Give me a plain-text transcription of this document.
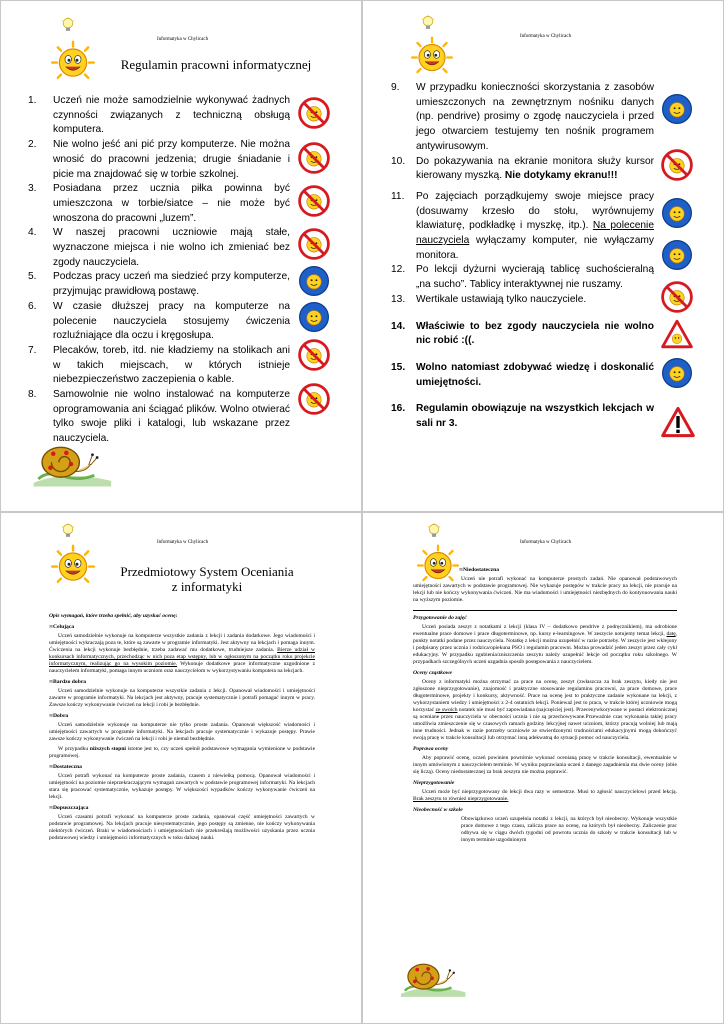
Informatyka w Chylicach
Regulamin pracowni informatycznej
1. Uczeń nie może samodzielnie wykonywać żadnych czynności związanych z techniczną obsługą komputera.
2. Nie wolno jeść ani pić przy komputerze. Nie można wnosić do pracowni jedzenia; drugie śniadanie i picie ma znajdować się w torbie szkolnej.
3. Posiadana przez ucznia piłka powinna być umieszczona w torbie/siatce – nie może być wnoszona do pracowni „luzem”.
4. W naszej pracowni uczniowie mają stałe, wyznaczone miejsca i nie wolno ich zmieniać bez zgody nauczyciela.
5. Podczas pracy uczeń ma siedzieć przy komputerze, przyjmując prawidłową postawę.
6. W czasie dłuższej pracy na komputerze na polecenie nauczyciela stosujemy ćwiczenia rozluźniające dla oczu i kręgosłupa.
7. Plecaków, toreb, itd. nie kładziemy na stolikach ani w takich miejscach, w których istnieje niebezpieczeństwo zaczepienia o kable.
8. Samowolnie nie wolno instalować na komputerze oprogramowania ani ściągać plików. Wolno otwierać tylko swoje pliki i katalogi, lub wskazane przez nauczyciela.
Informatyka w Chylicach
9. W przypadku konieczności skorzystania z zasobów umieszczonych na zewnętrznym nośniku danych (np. pendrive) prosimy o zgodę nauczyciela i przed jego otwarciem testujemy ten nośnik programem antywirusowym.
10. Do pokazywania na ekranie monitora służy kursor kierowany myszką. Nie dotykamy ekranu!!!
11. Po zajęciach porządkujemy swoje miejsce pracy (dosuwamy krzesło do stołu, wyrównujemy klawiaturę, podkładkę i myszkę, itp.). Na polecenie nauczyciela wyłączamy komputer, nie wyłączamy monitora.
12. Po lekcji dyżurni wycierają tablicę suchościeralną „na sucho”. Tablicy interaktywnej nie ruszamy.
13. Wertikale ustawiają tylko nauczyciele.
14. Właściwie to bez zgody nauczyciela nie wolno nic robić :((.
15. Wolno natomiast zdobywać wiedzę i doskonalić umiejętności.
16. Regulamin obowiązuje na wszystkich lekcjach w sali nr 3.
Informatyka w Chylicach
Przedmiotowy System Oceniania
z informatyki
Opis wymagań, które trzeba spełnić, aby uzyskać ocenę:
∞Celująca

Uczeń samodzielnie wykonuje na komputerze wszystkie zadania z lekcji i zadania dodatkowe. Jego wiadomości i umiejętności wykraczają poza te, które są zawarte w programie informatyki. Jest aktywny na lekcjach i pomaga innym. Ćwiczenia na lekcji wykonuje bezbłędnie, trzeba zadawać mu dodatkowe, trudniejsze zadania. Bierze udział w konkursach informatycznych, przechodząc w nich poza etap wstępny, lub w ogłoszonym na początku roku projekcie informatycznym, realizując go na wysokim poziomie. Wykonuje dodatkowe prace informatyczne uzgodnione z nauczycielem informatyki, pomaga innym uczniom oraz nauczycielom w wykorzystywaniu komputera na lekcjach.

∞Bardzo dobra

Uczeń samodzielnie wykonuje na komputerze wszystkie zadania z lekcji. Opanował wiadomości i umiejętności zawarte w programie informatyki. Na lekcjach jest aktywny, pracuje systematycznie i potrafi pomagać innym w pracy. Zawsze kończy wykonywanie ćwiczeń na lekcji i robi je bezbłędnie.

∞Dobra

Uczeń samodzielnie wykonuje na komputerze nie tylko proste zadania. Opanował większość wiadomości i umiejętności zawartych w programie informatyki. Na lekcjach pracuje systematycznie i wykazuje postępy. Prawie zawsze kończy wykonywanie ćwiczeń na lekcji i robi je niemal bezbłędnie.

W przypadku niższych stopni istotne jest to, czy uczeń spełnił podstawowe wymagania wymienione w podstawie programowej.

∞Dostateczna

Uczeń potrafi wykonać na komputerze proste zadania, czasem z niewielką pomocą. Opanował wiadomości i umiejętności na poziomie nieprzekraczającym wymagań zawartych w podstawie programowej informatyki. Na lekcjach stara się pracować systematycznie, wykazuje postępy. W większości wypadków kończy wykonywanie ćwiczeń na lekcji.

∞Dopuszczająca

Uczeń czasami potrafi wykonać na komputerze proste zadania, opanował część umiejętności zawartych w podstawie programowej. Na lekcjach pracuje niesystematycznie, jego postępy są zmienne, nie kończy wykonywania niektórych ćwiczeń. Braki w wiadomościach i umiejętnościach nie przekreślają możliwości uzyskania przez ucznia podstawowej wiedzy i umiejętności informatycznych w toku dalszej nauki.

Informatyka w Chylicach
∞Niedostateczna

Uczeń nie potrafi wykonać na komputerze prostych zadań. Nie opanował podstawowych umiejętności zawartych w podstawie programowej. Nie wykazuje postępów w trakcie pracy na lekcji, nie pracuje na lekcji lub nie kończy wykonywania ćwiczeń. Nie ma wiadomości i umiejętności niezbędnych do kontynuowania nauki na wyższym poziomie.

Przygotowanie do zajęć

Uczeń posiada zeszyt z notatkami z lekcji (klasa IV – dodatkowo pendrive z podręcznikiem), ma odrobione ewentualne prace domowe i prace długoterminowe, np. kursy e-learningowe. W zeszycie notujemy temat lekcji, datę, punkty notatki podane przez nauczyciela. Notatkę z lekcji można uzupełnić w razie potrzeby. W zeszycie jest wklejony i podpisany przez ucznia i rodzica/opiekuna PSO i regulamin pracowni. Można prowadzić jeden zeszyt przez cały cykl edukacyjny. W przypadku zgubienia/zniszczenia zeszytu należy uzupełnić lekcje od początku roku szkolnego. W przypadkach szczególnych uczeń uzgadnia sposób postępowania z nauczycielem.

Oceny cząstkowe

Oceny z informatyki można otrzymać za prace na ocenę, zeszyt (zwłaszcza za brak zeszytu, kiedy nie jest zgłoszone nieprzygotowanie), znajomość i praktyczne stosowanie regulaminu pracowni, za prace domowe, prace długoterminowe, projekty i konkursy, aktywność. Prace na ocenę jest to praktyczne zadanie wykonane na lekcji, z wykorzystaniem wiedzy i umiejętności z 2-4 ostatnich lekcji. Ponieważ jest to praca, w trakcie której uczniowie mogą korzystać ze swoich notatek nie musi być zapowiadana (najczęściej jest). Przecenywkorywane w postaci elektronicznej są oceniane przez nauczyciela w obecności ucznia i nie są przechowywane.Przewaźnie czas wykonania takiej pracy umożliwia zmieszczenie się w czasowych ramach godziny lekcyjnej nawet uczniom, którzy pracują wolniej lub mają inne trudności. Jednak w razie potrzeby uczniowie ze stwierdzonymi trudnościami edukacyjnymi mogą dokończyć swoją pracę w trakcie konsultacji lub otrzymać inną adekwatną do sytuacji pomoc od nauczyciela.

Poprawa oceny

Aby poprawić ocenę, uczeń powinien powtórnie wykonać ocenianą pracę w trakcie konsultacji, ewentualnie w innym umówionym z nauczycielem terminie. W wyniku poprawiania uczeń z danego zagadnienia ma dwie oceny (obie się liczą). Oceny niedostatecznej za brak zeszytu nie można poprawić.

Nieprzygotowanie

Uczeń może być nieprzygotowany do lekcji dwa razy w semestrze. Musi to zgłosić nauczycielowi przed lekcją. Brak zeszytu to również nieprzygotowanie.

Nieobecność w szkole

Obowiązkowo uczeń uzupełnia notatki z lekcji, na których był nieobecny. Wykonuje wszystkie prace domowe z tego czasu, zalicza prace na ocenę, na których był nieobecny. Zaliczenie prac odbywa się w ciągu dwóch tygodni od powrotu ucznia do szkoły w trakcie konsultacji lub w innym terminie uzgodnionym
